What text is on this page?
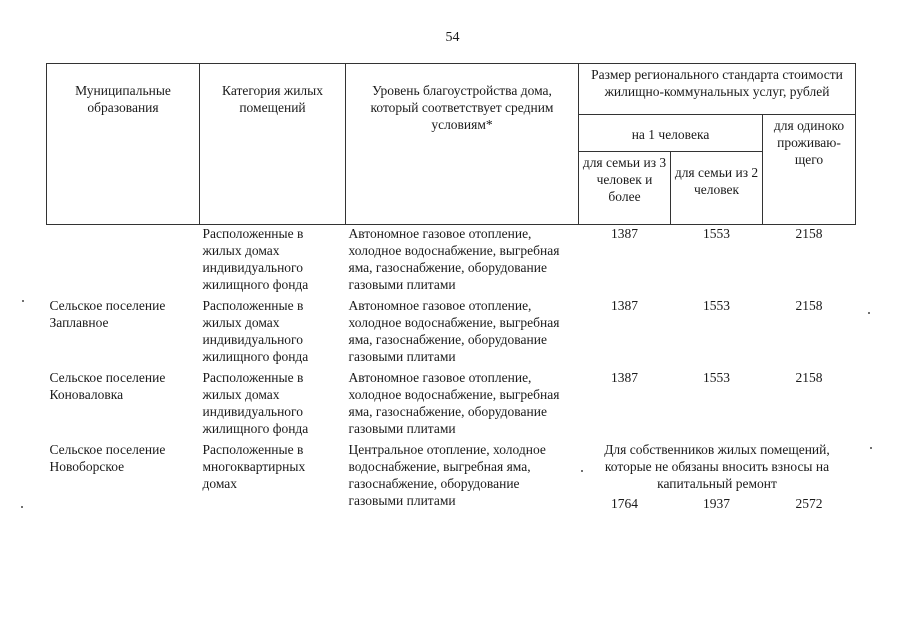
54
Муниципальные образования	Категория жилых помещений	Уровень благоустройства дома, который соответствует средним условиям*	Размер регионального стандарта стоимости жилищно-коммунальных услуг, рублей		
			на 1 человека		для одиноко проживаю-щего
			для семьи из 3 человек и более	для семьи из 2 человек	
	Расположенные в жилых домах индивидуального жилищного фонда	Автономное газовое отопление, холодное водоснабжение, выгребная яма, газоснабжение, оборудование газовыми плитами	1387	1553	2158
Сельское поселение Заплавное	Расположенные в жилых домах индивидуального жилищного фонда	Автономное газовое отопление, холодное водоснабжение, выгребная яма, газоснабжение, оборудование газовыми плитами	1387	1553	2158
Сельское поселение Коноваловка	Расположенные в жилых домах индивидуального жилищного фонда	Автономное газовое отопление, холодное водоснабжение, выгребная яма, газоснабжение, оборудование газовыми плитами	1387	1553	2158
Сельское поселение Новоборское	Расположенные в многоквартирных домах	Центральное отопление, холодное водоснабжение, выгребная яма, газоснабжение, оборудование газовыми плитами	Для собственников жилых помещений, которые не обязаны вносить взносы на капитальный ремонт		
			1764	1937	2572
